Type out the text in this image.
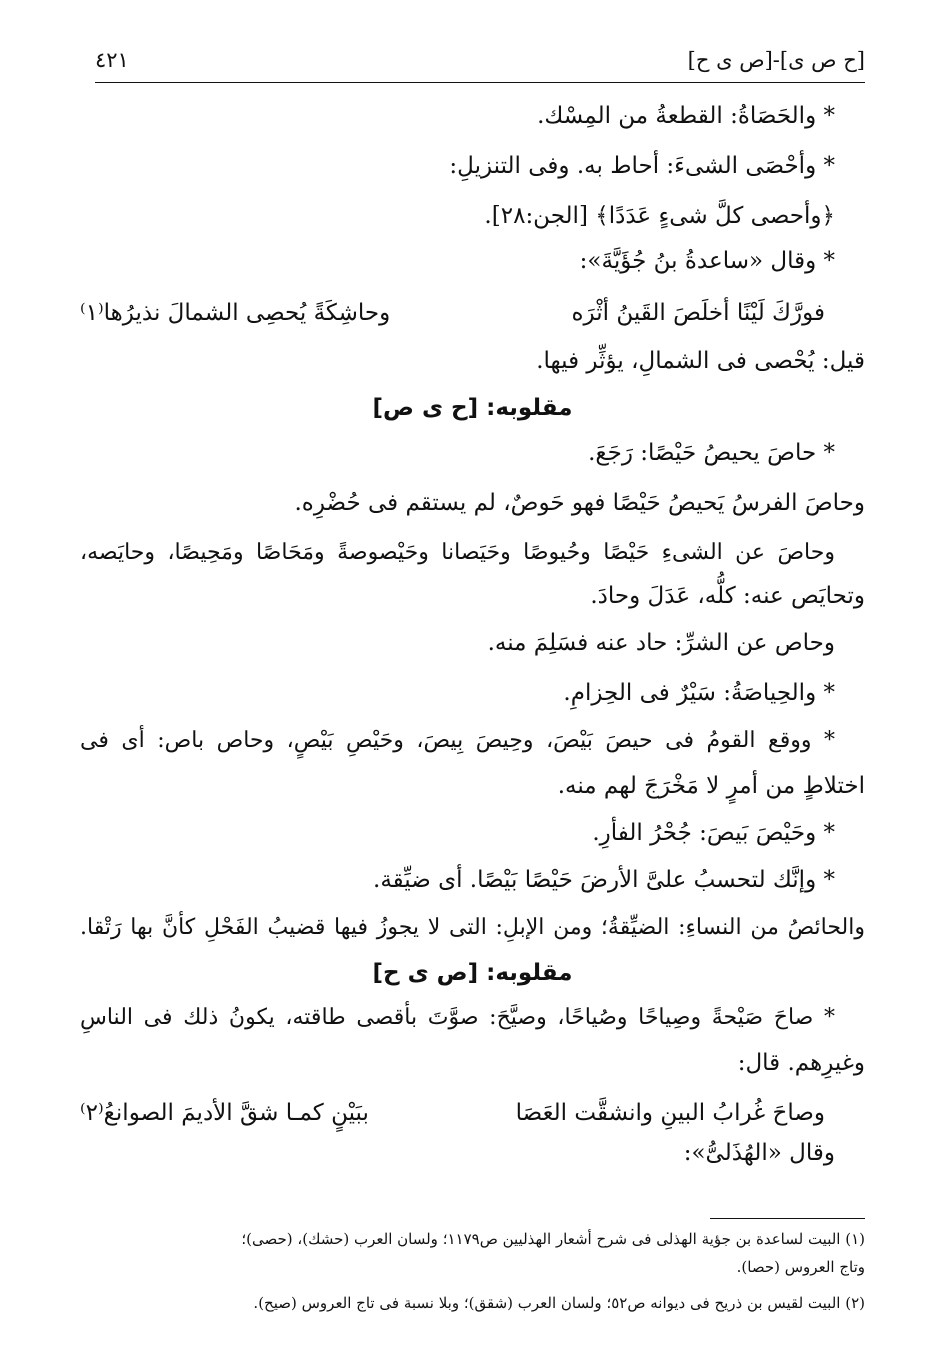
[ح ص ى]-[ص ى ح]
٤٢١
* والحَصَاةُ: القطعةُ من المِسْك.
* وأحْصَى الشىءَ: أحاط به. وفى التنزيلِ:
﴿وأحصى كلَّ شىءٍ عَدَدًا﴾ [الجن:٢٨].
* وقال «ساعدةُ بنُ جُؤَيَّةَ»:
فورَّكَ لَيْنًا أخلَصَ القَينُ أثْرَه
وحاشِكَةً يُحصِى الشمالَ نذيرُها⁽١⁾
قيل: يُحْصى فى الشمالِ، يؤثِّر فيها.
مقلوبه: [ح ى ص]
* حاصَ يحيصُ حَيْصًا: رَجَعَ.
وحاصَ الفرسُ يَحيصُ حَيْصًا فهو حَوصٌ، لم يستقم فى حُضْرِه.
وحاصَ عن الشىءِ حَيْصًا وحُيوصًا وحَيَصانا وحَيْصوصةً ومَحَاصًا ومَحِيصًا، وحايَصه،
وتحايَص عنه: كلُّه، عَدَلَ وحادَ.
وحاص عن الشرِّ: حاد عنه فسَلِمَ منه.
* والحِياصَةُ: سَيْرٌ فى الحِزامِ.
* ووقع القومُ فى حيصَ بَيْصَ، وحِيصَ بِيصَ، وحَيْصِ بَيْصٍ، وحاص باص: أى فى
اختلاطٍ من أمرٍ لا مَخْرَجَ لهم منه.
* وحَيْصَ بَيصَ: جُحْرُ الفأرِ.
* وإنَّك لتحسبُ علىَّ الأرضَ حَيْصًا بَيْصًا. أى ضيِّقة.
والحائصُ من النساءِ: الضيِّقةُ؛ ومن الإبلِ: التى لا يجوزُ فيها قضيبُ الفَحْلِ كأنَّ بها رَتْقا.
مقلوبه: [ص ى ح]
* صاحَ صَيْحةً وصِياحًا وصُياحًا، وصيَّحَ: صوَّتَ بأقصى طاقته، يكونُ ذلك فى الناسِ
وغيرِهم. قال:
وصاحَ غُرابُ البينِ وانشقَّت العَصَا
ببَيْنٍ كمـا شقَّ الأديمَ الصوانعُ⁽٢⁾
وقال «الهُذَلىُّ»:
(١) البيت لساعدة بن جؤية الهذلى فى شرح أشعار الهذليين ص١١٧٩؛ ولسان العرب (حشك)، (حصى)؛
وتاج العروس (حصا).
(٢) البيت لقيس بن ذريح فى ديوانه ص٥٢؛ ولسان العرب (شقق)؛ وبلا نسبة فى تاج العروس (صيح).
